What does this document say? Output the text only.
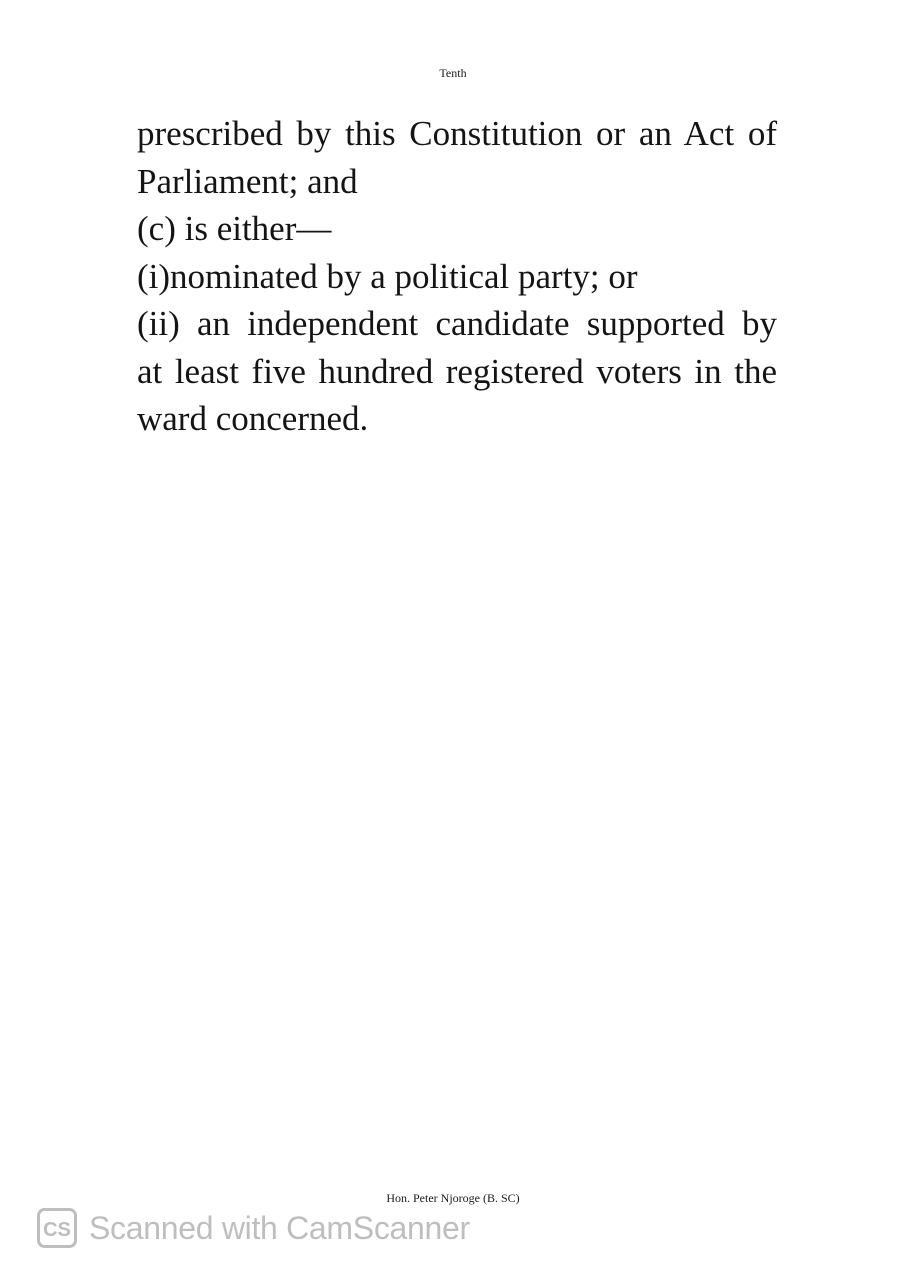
Tenth
prescribed by this Constitution or an Act of
Parliament; and
(c) is either—
(i)nominated by a political party; or
(ii) an independent candidate supported by
at least five hundred registered voters in the
ward concerned.
Hon. Peter Njoroge (B. SC)
CS Scanned with CamScanner
